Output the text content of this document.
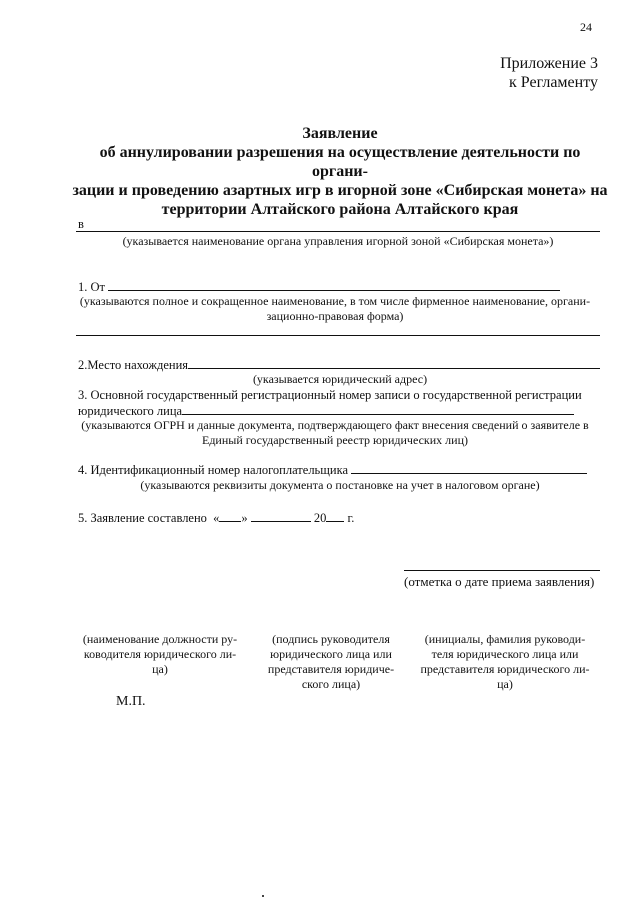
24
Приложение 3
к Регламенту
Заявление
об аннулировании разрешения на осуществление деятельности по органи-
зации и проведению азартных игр в игорной зоне «Сибирская монета» на
территории Алтайского района Алтайского края
в
(указывается наименование органа управления игорной зоной «Сибирская монета»)
1. От
(указываются полное и сокращенное наименование, в том числе фирменное наименование, органи-
зационно-правовая форма)
2.Место нахождения
(указывается юридический адрес)
3. Основной государственный регистрационный номер записи о государственной регистрации
юридического лица
(указываются ОГРН и данные документа, подтверждающего факт внесения сведений о заявителе в
Единый государственный реестр юридических лиц)
4. Идентификационный номер налогоплательщика
(указываются реквизиты документа о постановке на учет в налоговом органе)
5. Заявление составлено « »	20 г.
(отметка о дате приема заявления)
(наименование должности ру-
ководителя юридического ли-
ца)
(подпись руководителя
юридического лица или
представителя юридиче-
ского лица)
(инициалы, фамилия руководи-
теля юридического лица или
представителя юридического ли-
ца)
М.П.
